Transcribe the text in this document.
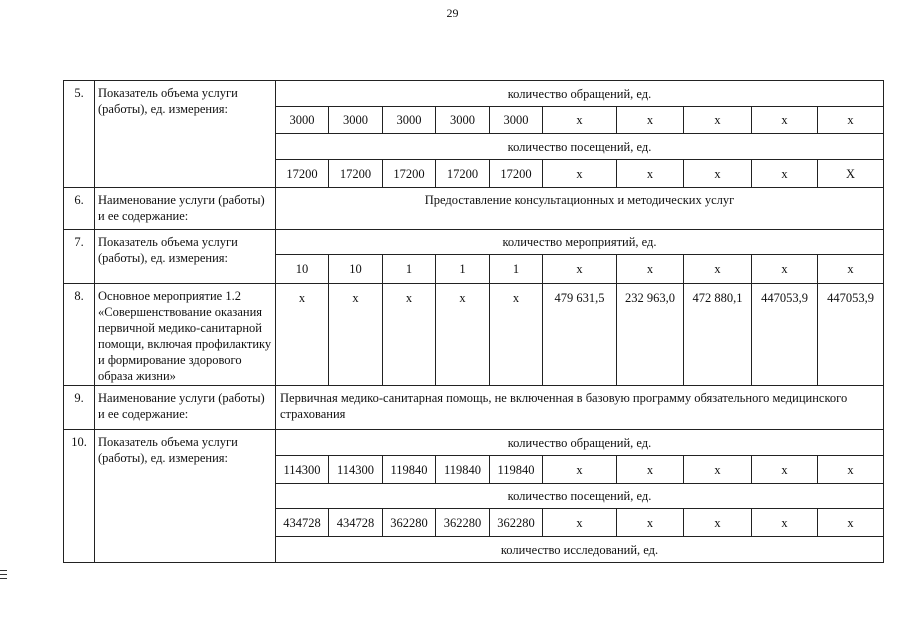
29
5.	Показатель объема услуги (работы), ед. измерения:	количество обращений, ед.									
		3000	3000	3000	3000	3000	х	х	х	х	х
		количество посещений, ед.									
		17200	17200	17200	17200	17200	х	х	х	х	Х
6.	Наименование услуги (работы) и ее содержание:	Предоставление консультационных и методических услуг									
7.	Показатель объема услуги (работы), ед. измерения:	количество мероприятий, ед.									
		10	10	1	1	1	х	х	х	х	х
8.	Основное мероприятие 1.2 «Совершенствование оказания первичной медико-санитарной помощи, включая профилактику и формирование здорового образа жизни»	х	х	х	х	х	479 631,5	232 963,0	472 880,1	447053,9	447053,9
9.	Наименование услуги (работы) и ее содержание:	Первичная медико-санитарная помощь, не включенная в базовую программу обязательного медицинского страхования									
10.	Показатель объема услуги (работы), ед. измерения:	количество обращений, ед.									
		114300	114300	119840	119840	119840	х	х	х	х	х
		количество посещений, ед.									
		434728	434728	362280	362280	362280	х	х	х	х	х
		количество исследований, ед.									
